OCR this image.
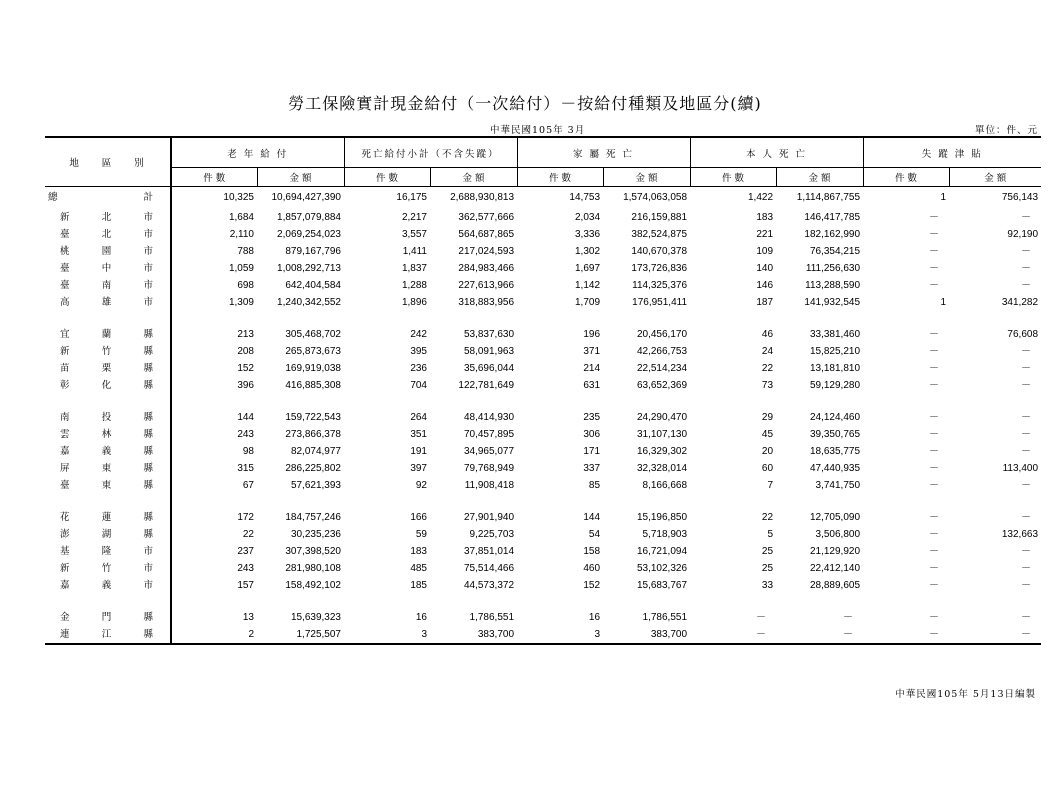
勞工保險實計現金給付（一次給付）－按給付種類及地區分(續)
中華民國105年 3月	單位：件、元
地 區 別	老 年 給 付		死亡給付小計（不含失蹤）		家 屬 死 亡		本 人 死 亡		失 蹤 津 貼	
	件 數	金 額	件 數	金 額	件 數	金 額	件 數	金 額	件 數	金 額

總 計	10,325	10,694,427,390	16,175	2,688,930,813	14,753	1,574,063,058	1,422	1,114,867,755	1	756,143

新 北 市	1,684	1,857,079,884	2,217	362,577,666	2,034	216,159,881	183	146,417,785	－	－

臺 北 市	2,110	2,069,254,023	3,557	564,687,865	3,336	382,524,875	221	182,162,990	－	92,190

桃 園 市	788	879,167,796	1,411	217,024,593	1,302	140,670,378	109	76,354,215	－	－

臺 中 市	1,059	1,008,292,713	1,837	284,983,466	1,697	173,726,836	140	111,256,630	－	－

臺 南 市	698	642,404,584	1,288	227,613,966	1,142	114,325,376	146	113,288,590	－	－

高 雄 市	1,309	1,240,342,552	1,896	318,883,956	1,709	176,951,411	187	141,932,545	1	341,282

宜 蘭 縣	213	305,468,702	242	53,837,630	196	20,456,170	46	33,381,460	－	76,608

新 竹 縣	208	265,873,673	395	58,091,963	371	42,266,753	24	15,825,210	－	－

苗 栗 縣	152	169,919,038	236	35,696,044	214	22,514,234	22	13,181,810	－	－

彰 化 縣	396	416,885,308	704	122,781,649	631	63,652,369	73	59,129,280	－	－

南 投 縣	144	159,722,543	264	48,414,930	235	24,290,470	29	24,124,460	－	－

雲 林 縣	243	273,866,378	351	70,457,895	306	31,107,130	45	39,350,765	－	－

嘉 義 縣	98	82,074,977	191	34,965,077	171	16,329,302	20	18,635,775	－	－

屏 東 縣	315	286,225,802	397	79,768,949	337	32,328,014	60	47,440,935	－	113,400

臺 東 縣	67	57,621,393	92	11,908,418	85	8,166,668	7	3,741,750	－	－

花 蓮 縣	172	184,757,246	166	27,901,940	144	15,196,850	22	12,705,090	－	－

澎 湖 縣	22	30,235,236	59	9,225,703	54	5,718,903	5	3,506,800	－	132,663

基 隆 市	237	307,398,520	183	37,851,014	158	16,721,094	25	21,129,920	－	－

新 竹 市	243	281,980,108	485	75,514,466	460	53,102,326	25	22,412,140	－	－

嘉 義 市	157	158,492,102	185	44,573,372	152	15,683,767	33	28,889,605	－	－

金 門 縣	13	15,639,323	16	1,786,551	16	1,786,551	－	－	－	－

連 江 縣	2	1,725,507	3	383,700	3	383,700	－	－	－	－
中華民國105年 5月13日編製
